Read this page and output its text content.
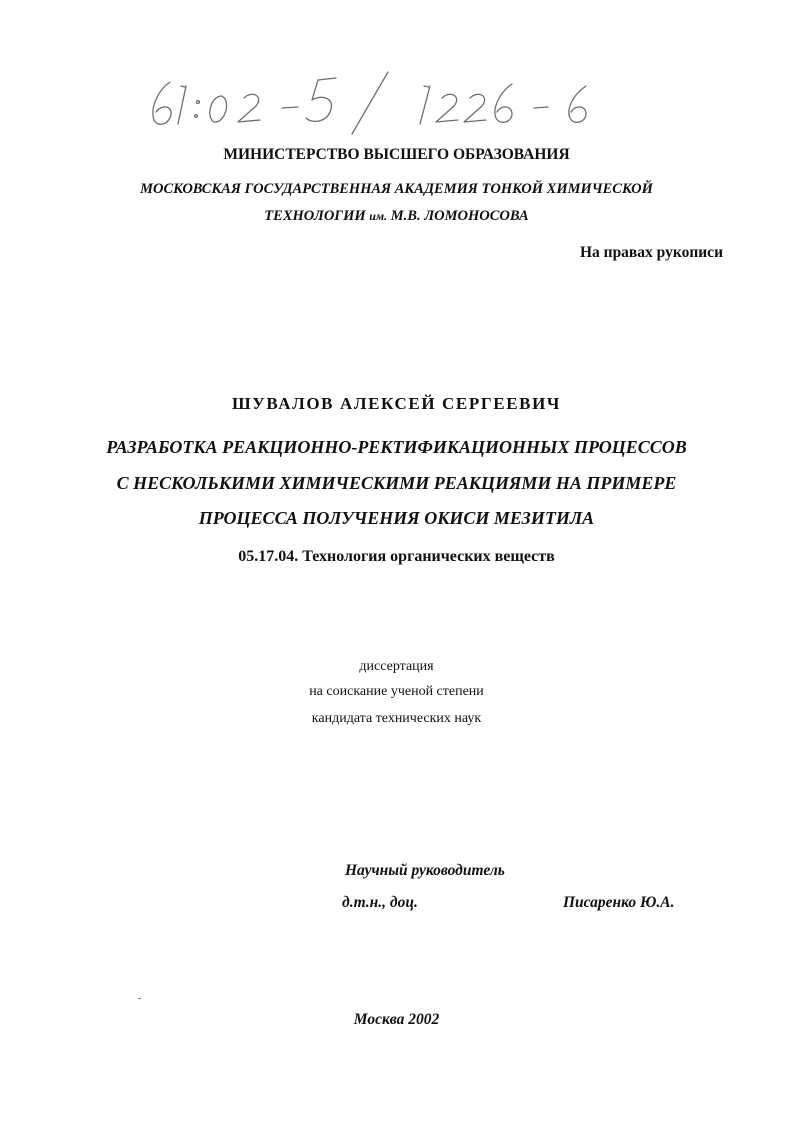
МИНИСТЕРСТВО ВЫСШЕГО ОБРАЗОВАНИЯ
МОСКОВСКАЯ ГОСУДАРСТВЕННАЯ АКАДЕМИЯ ТОНКОЙ ХИМИЧЕСКОЙ
ТЕХНОЛОГИИ им. М.В. ЛОМОНОСОВА
На правах рукописи
ШУВАЛОВ АЛЕКСЕЙ СЕРГЕЕВИЧ
РАЗРАБОТКА РЕАКЦИОННО-РЕКТИФИКАЦИОННЫХ ПРОЦЕССОВ
С НЕСКОЛЬКИМИ ХИМИЧЕСКИМИ РЕАКЦИЯМИ НА ПРИМЕРЕ
ПРОЦЕССА ПОЛУЧЕНИЯ ОКИСИ МЕЗИТИЛА
05.17.04. Технология органических веществ
диссертация
на соискание ученой степени
кандидата технических наук
Научный руководитель
д.т.н., доц.	Писаренко Ю.А.
Москва 2002
